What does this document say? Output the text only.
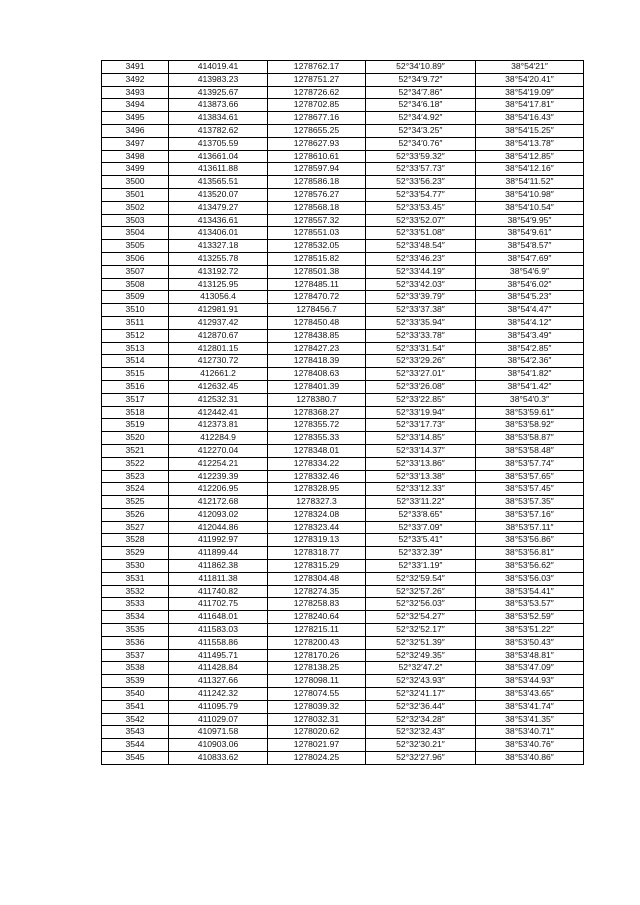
3491	414019.41	1278762.17	52°34′10.89″	38°54′21″
3492	413983.23	1278751.27	52°34′9.72″	38°54′20.41″
3493	413925.67	1278726.62	52°34′7.86″	38°54′19.09″
3494	413873.66	1278702.85	52°34′6.18″	38°54′17.81″
3495	413834.61	1278677.16	52°34′4.92″	38°54′16.43″
3496	413782.62	1278655.25	52°34′3.25″	38°54′15.25″
3497	413705.59	1278627.93	52°34′0.76″	38°54′13.78″
3498	413661.04	1278610.61	52°33′59.32″	38°54′12.85″
3499	413611.88	1278597.94	52°33′57.73″	38°54′12.16″
3500	413565.51	1278586.18	52°33′56.23″	38°54′11.52″
3501	413520.07	1278576.27	52°33′54.77″	38°54′10.98″
3502	413479.27	1278568.18	52°33′53.45″	38°54′10.54″
3503	413436.61	1278557.32	52°33′52.07″	38°54′9.95″
3504	413406.01	1278551.03	52°33′51.08″	38°54′9.61″
3505	413327.18	1278532.05	52°33′48.54″	38°54′8.57″
3506	413255.78	1278515.82	52°33′46.23″	38°54′7.69″
3507	413192.72	1278501.38	52°33′44.19″	38°54′6.9″
3508	413125.95	1278485.11	52°33′42.03″	38°54′6.02″
3509	413056.4	1278470.72	52°33′39.79″	38°54′5.23″
3510	412981.91	1278456.7	52°33′37.38″	38°54′4.47″
3511	412937.42	1278450.48	52°33′35.94″	38°54′4.12″
3512	412870.67	1278438.85	52°33′33.78″	38°54′3.49″
3513	412801.15	1278427.23	52°33′31.54″	38°54′2.85″
3514	412730.72	1278418.39	52°33′29.26″	38°54′2.36″
3515	412661.2	1278408.63	52°33′27.01″	38°54′1.82″
3516	412632.45	1278401.39	52°33′26.08″	38°54′1.42″
3517	412532.31	1278380.7	52°33′22.85″	38°54′0.3″
3518	412442.41	1278368.27	52°33′19.94″	38°53′59.61″
3519	412373.81	1278355.72	52°33′17.73″	38°53′58.92″
3520	412284.9	1278355.33	52°33′14.85″	38°53′58.87″
3521	412270.04	1278348.01	52°33′14.37″	38°53′58.48″
3522	412254.21	1278334.22	52°33′13.86″	38°53′57.74″
3523	412239.39	1278332.46	52°33′13.38″	38°53′57.65″
3524	412206.95	1278328.95	52°33′12.33″	38°53′57.45″
3525	412172.68	1278327.3	52°33′11.22″	38°53′57.35″
3526	412093.02	1278324.08	52°33′8.65″	38°53′57.16″
3527	412044.86	1278323.44	52°33′7.09″	38°53′57.11″
3528	411992.97	1278319.13	52°33′5.41″	38°53′56.86″
3529	411899.44	1278318.77	52°33′2.39″	38°53′56.81″
3530	411862.38	1278315.29	52°33′1.19″	38°53′56.62″
3531	411811.38	1278304.48	52°32′59.54″	38°53′56.03″
3532	411740.82	1278274.35	52°32′57.26″	38°53′54.41″
3533	411702.75	1278258.83	52°32′56.03″	38°53′53.57″
3534	411648.01	1278240.64	52°32′54.27″	38°53′52.59″
3535	411583.03	1278215.11	52°32′52.17″	38°53′51.22″
3536	411558.86	1278200.43	52°32′51.39″	38°53′50.43″
3537	411495.71	1278170.26	52°32′49.35″	38°53′48.81″
3538	411428.84	1278138.25	52°32′47.2″	38°53′47.09″
3539	411327.66	1278098.11	52°32′43.93″	38°53′44.93″
3540	411242.32	1278074.55	52°32′41.17″	38°53′43.65″
3541	411095.79	1278039.32	52°32′36.44″	38°53′41.74″
3542	411029.07	1278032.31	52°32′34.28″	38°53′41.35″
3543	410971.58	1278020.62	52°32′32.43″	38°53′40.71″
3544	410903.06	1278021.97	52°32′30.21″	38°53′40.76″
3545	410833.62	1278024.25	52°32′27.96″	38°53′40.86″
